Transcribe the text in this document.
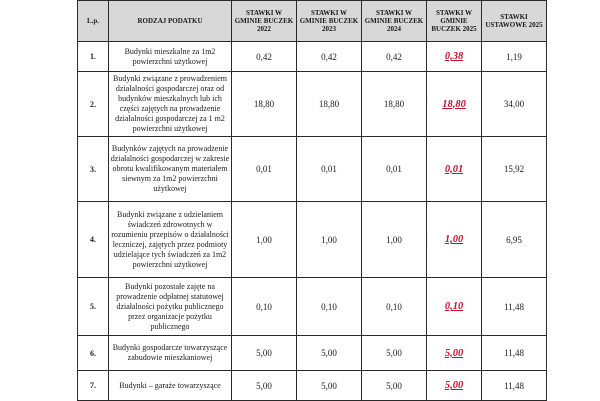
L.p.	RODZAJ PODATKU	STAWKI W GMINIE BUCZEK 2022	STAWKI W GMINIE BUCZEK 2023	STAWKI W GMINIE BUCZEK 2024	STAWKI W GMINIE BUCZEK 2025	STAWKI USTAWOWE 2025
1.	Budynki mieszkalne za 1m2 powierzchni użytkowej	0,42	0,42	0,42	0,38	1,19
2.	Budynki związane z prowadzeniem działalności gospodarczej oraz od budynków mieszkalnych lub ich części zajętych na prowadzenie działalności gospodarczej za 1 m2 powierzchni użytkowej	18,80	18,80	18,80	18,80	34,00
3.	Budynków zajętych na prowadzenie działalności gospodarczej w zakresie obrotu kwalifikowanym materiałem siewnym za 1m2 powierzchni użytkowej	0,01	0,01	0,01	0,01	15,92
4.	Budynki związane z udzielaniem świadczeń zdrowotnych w rozumieniu przepisów o działalności leczniczej, zajętych przez podmioty udzielające tych świadczeń za 1m2 powierzchni użytkowej	1,00	1,00	1,00	1,00	6,95
5.	Budynki pozostałe zajęte na prowadzenie odpłatnej statutowej działalności pożytku publicznego przez organizacje pożytku publicznego	0,10	0,10	0,10	0,10	11,48
6.	Budynki gospodarcze towarzyszące zabudowie mieszkaniowej	5,00	5,00	5,00	5,00	11,48
7.	Budynki – garaże towarzyszące	5,00	5,00	5,00	5,00	11,48
